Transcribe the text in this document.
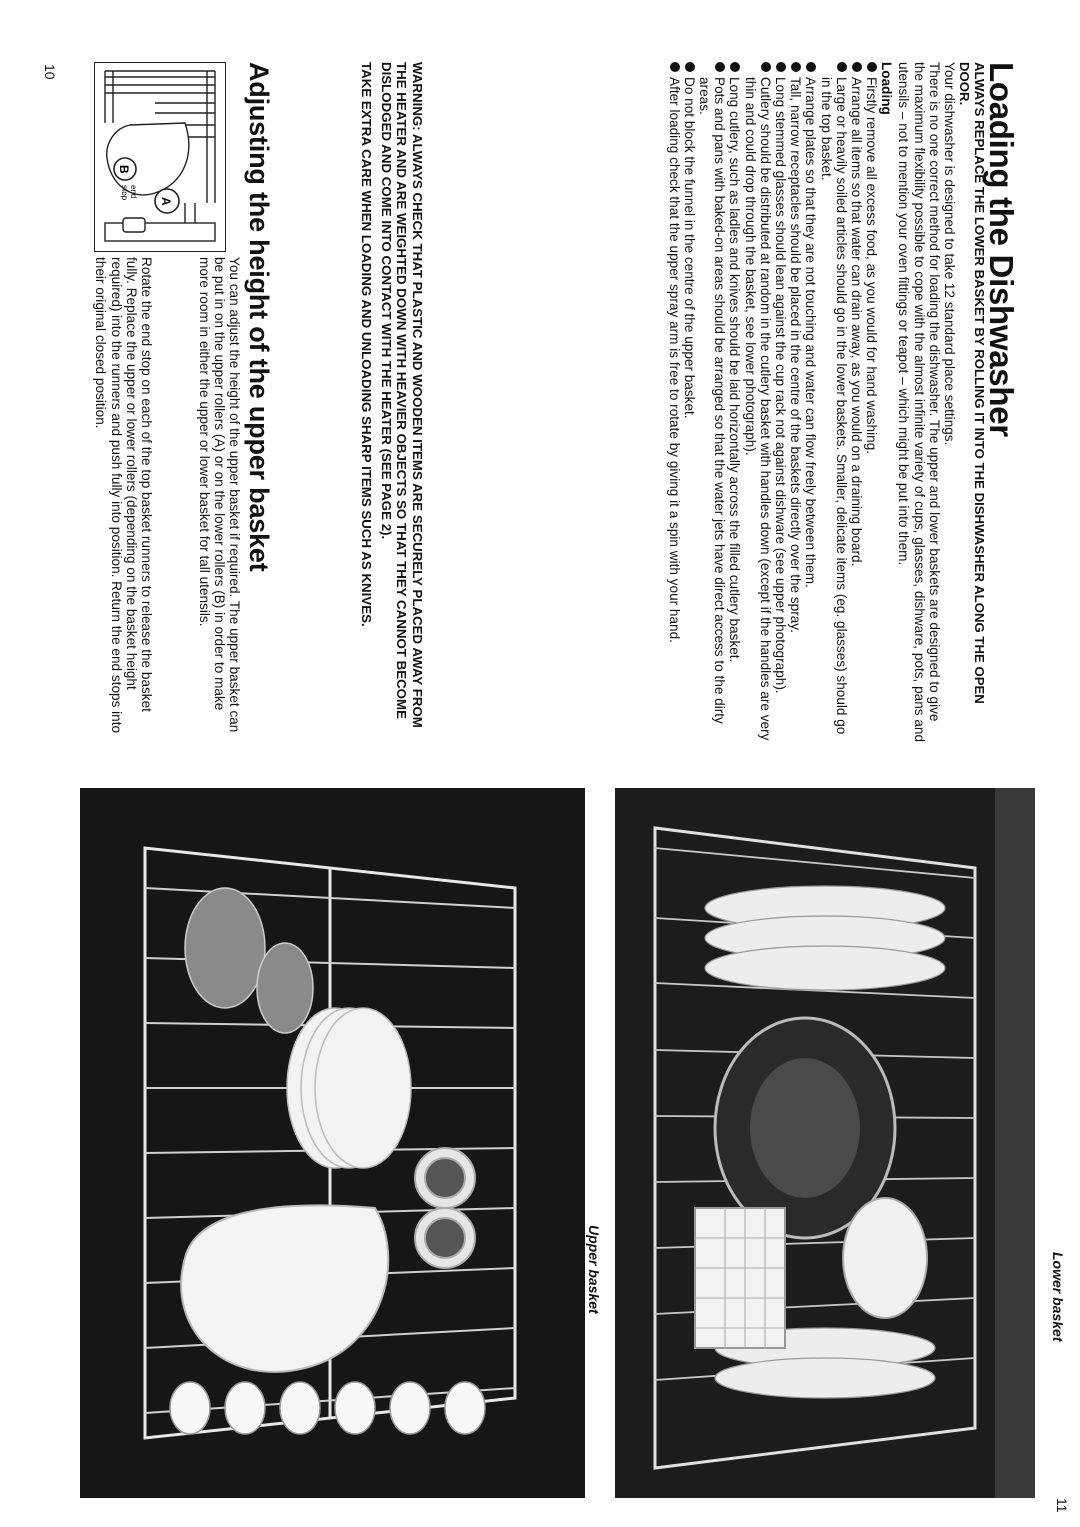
Loading the Dishwasher

ALWAYS REPLACE THE LOWER BASKET BY ROLLING IT INTO THE DISHWASHER ALONG THE OPEN DOOR.

Your dishwasher is designed to take 12 standard place settings.

There is no one correct method for loading the dishwasher. The upper and lower baskets are designed to give the maximum flexibility possible to cope with the almost infinite variety of cups, glasses, dishware, pots, pans and utensils – not to mention your oven fittings or teapot – which might be put into them.

Loading

Firstly remove all excess food, as you would for hand washing.
Arrange all items so that water can drain away, as you would on a draining board.
Large or heavily soiled articles should go in the lower baskets. Smaller, delicate items (eg. glasses) should go in the top basket.
Arrange plates so that they are not touching and water can flow freely between them.
Tall, narrow receptacles should be placed in the centre of the baskets directly over the spray.
Long stemmed glasses should lean against the cup rack not against dishware (see upper photograph).
Cutlery should be distributed at random in the cutlery basket with handles down (except if the handles are very thin and could drop through the basket, see lower photograph).
Long cutlery, such as ladles and knives should be laid horizontally across the filled cutlery basket.
Pots and pans with baked-on areas should be arranged so that the water jets have direct access to the dirty areas.
Do not block the funnel in the centre of the upper basket.
After loading check that the upper spray arm is free to rotate by giving it a spin with your hand.

WARNING: ALWAYS CHECK THAT PLASTIC AND WOODEN ITEMS ARE SECURELY PLACED AWAY FROM THE HEATER AND ARE WEIGHTED DOWN WITH HEAVIER OBJECTS SO THAT THEY CANNOT BECOME DISLODGED AND COME INTO CONTACT WITH THE HEATER (SEE PAGE 2).

TAKE EXTRA CARE WHEN LOADING AND UNLOADING SHARP ITEMS SUCH AS KNIVES.

Adjusting the height of the upper basket
A
B
end
stop

You can adjust the height of the upper basket if required. The upper basket can be put in on the upper rollers (A) or on the lower rollers (B) in order to make more room in either the upper or lower basket for tall utensils.

Rotate the end stop on each of the top basket runners to release the basket fully. Replace the upper or lower rollers (depending on the basket height required) into the runners and push fully into position. Return the end stops into their original closed position.

10
Upper basket	Lower basket
11
